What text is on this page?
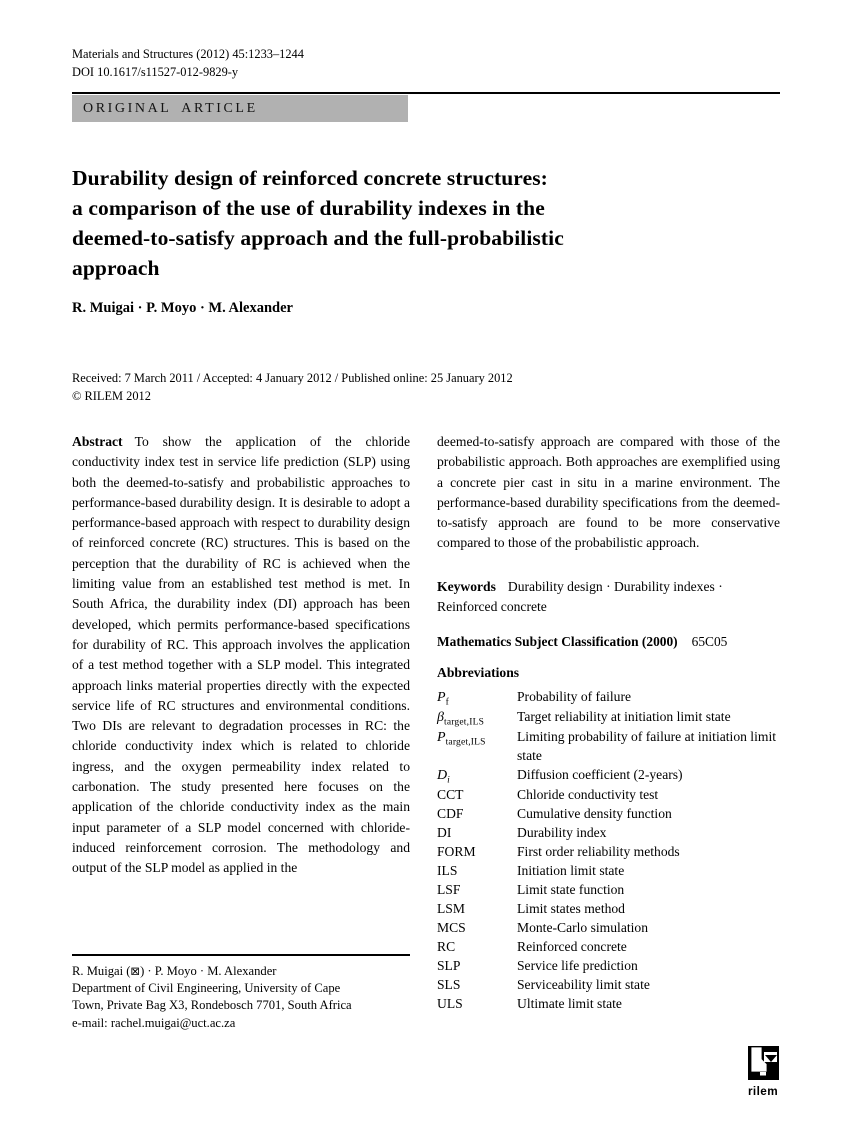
Materials and Structures (2012) 45:1233–1244
DOI 10.1617/s11527-012-9829-y
ORIGINAL ARTICLE
Durability design of reinforced concrete structures:
a comparison of the use of durability indexes in the
deemed-to-satisfy approach and the full-probabilistic
approach
R. Muigai · P. Moyo · M. Alexander
Received: 7 March 2011 / Accepted: 4 January 2012 / Published online: 25 January 2012
© RILEM 2012

Abstract To show the application of the chloride conductivity index test in service life prediction (SLP) using both the deemed-to-satisfy and probabilistic approaches to performance-based durability design. It is desirable to adopt a performance-based approach with respect to durability design of reinforced concrete (RC) structures. This is based on the perception that the durability of RC is achieved when the limiting value from an established test method is met. In South Africa, the durability index (DI) approach has been developed, which permits performance-based specifications for durability of RC. This approach involves the application of a test method together with a SLP model. This integrated approach links material properties directly with the expected service life of RC structures and environmental conditions. Two DIs are relevant to degradation processes in RC: the chloride conductivity index which is related to chloride ingress, and the oxygen permeability index related to carbonation. The study presented here focuses on the application of the chloride conductivity index as the main input parameter of a SLP model concerned with chloride-induced reinforcement corrosion. The methodology and output of the SLP model as applied in the

R. Muigai (⊠) · P. Moyo · M. Alexander
Department of Civil Engineering, University of Cape
Town, Private Bag X3, Rondebosch 7701, South Africa
e-mail: rachel.muigai@uct.ac.za

deemed-to-satisfy approach are compared with those of the probabilistic approach. Both approaches are exemplified using a concrete pier cast in situ in a marine environment. The performance-based durability specifications from the deemed-to-satisfy approach are found to be more conservative compared to those of the probabilistic approach.

Keywords Durability design · Durability indexes · Reinforced concrete

Mathematics Subject Classification (2000) 65C05

Abbreviations
$P_f$	Probability of failure
$\beta_{target,ILS}$	Target reliability at initiation limit state
$P_{target,ILS}$	Limiting probability of failure at initiation limit state
$D_i$	Diffusion coefficient (2-years)
CCT	Chloride conductivity test
CDF	Cumulative density function
DI	Durability index
FORM	First order reliability methods
ILS	Initiation limit state
LSF	Limit state function
LSM	Limit states method
MCS	Monte-Carlo simulation
RC	Reinforced concrete
SLP	Service life prediction
SLS	Serviceability limit state
ULS	Ultimate limit state
rilem
